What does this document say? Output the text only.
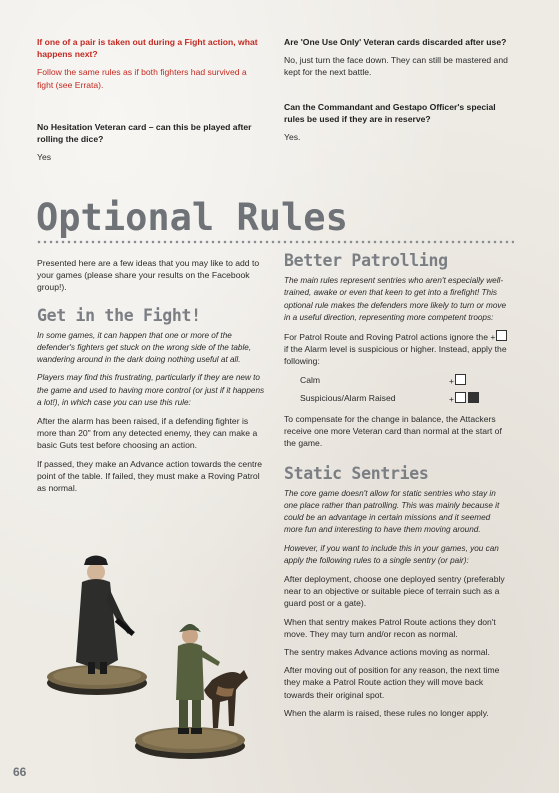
If one of a pair is taken out during a Fight action, what happens next?

Follow the same rules as if both fighters had survived a fight (see Errata).

No Hesitation Veteran card – can this be played after rolling the dice?

Yes

Are 'One Use Only' Veteran cards discarded after use?

No, just turn the face down. They can still be mastered and kept for the next battle.

Can the Commandant and Gestapo Officer's special rules be used if they are in reserve?

Yes.

Optional Rules

Presented here are a few ideas that you may like to add to your games (please share your results on the Facebook group!).

Get in the Fight!

In some games, it can happen that one or more of the defender's fighters get stuck on the wrong side of the table, wandering around in the dark doing nothing useful at all.

Players may find this frustrating, particularly if they are new to the game and used to having more control (or just if it happens a lot!), in which case you can use this rule:

After the alarm has been raised, if a defending fighter is more than 20" from any detected enemy, they can make a basic Guts test before choosing an action.

If passed, they make an Advance action towards the centre point of the table. If failed, they must make a Roving Patrol as normal.

Better Patrolling

The main rules represent sentries who aren't especially well-trained, awake or even that keen to get into a firefight! This optional rule makes the defenders more likely to turn or move in a useful direction, representing more competent troops:

For Patrol Route and Roving Patrol actions ignore the + if the Alarm level is suspicious or higher. Instead, apply the following:

Calm	+
Suspicious/Alarm Raised	+

To compensate for the change in balance, the Attackers receive one more Veteran card than normal at the start of the game.

Static Sentries

The core game doesn't allow for static sentries who stay in one place rather than patrolling. This was mainly because it could be an advantage in certain missions and it seemed more fun and interesting to have them moving around.

However, if you want to include this in your games, you can apply the following rules to a single sentry (or pair):

After deployment, choose one deployed sentry (preferably near to an objective or suitable piece of terrain such as a guard post or a gate).

When that sentry makes Patrol Route actions they don't move. They may turn and/or recon as normal.

The sentry makes Advance actions moving as normal.

After moving out of position for any reason, the next time they make a Patrol Route action they will move back towards their original spot.

When the alarm is raised, these rules no longer apply.

66
